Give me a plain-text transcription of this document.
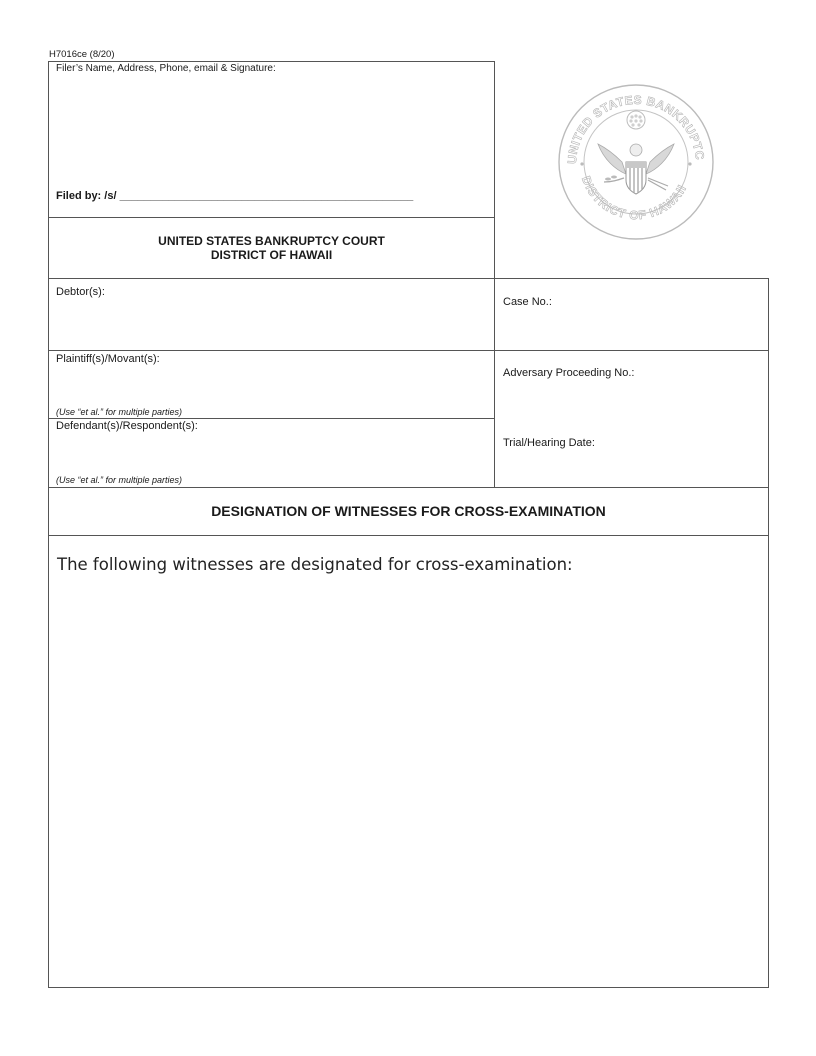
H7016ce (8/20)
Filer’s Name, Address, Phone, email & Signature:
Filed by: /s/ ________________________________________________
UNITED STATES BANKRUPTCY COURT
DISTRICT OF HAWAII
UNITED STATES BANKRUPTC
DISTRICT OF HAWAII
Debtor(s):
Case No.:
Plaintiff(s)/Movant(s):
(Use “et al.” for multiple parties)
Defendant(s)/Respondent(s):
(Use “et al.” for multiple parties)
Adversary Proceeding No.:
Trial/Hearing Date:
DESIGNATION OF WITNESSES FOR CROSS-EXAMINATION
The following witnesses are designated for cross-examination:
